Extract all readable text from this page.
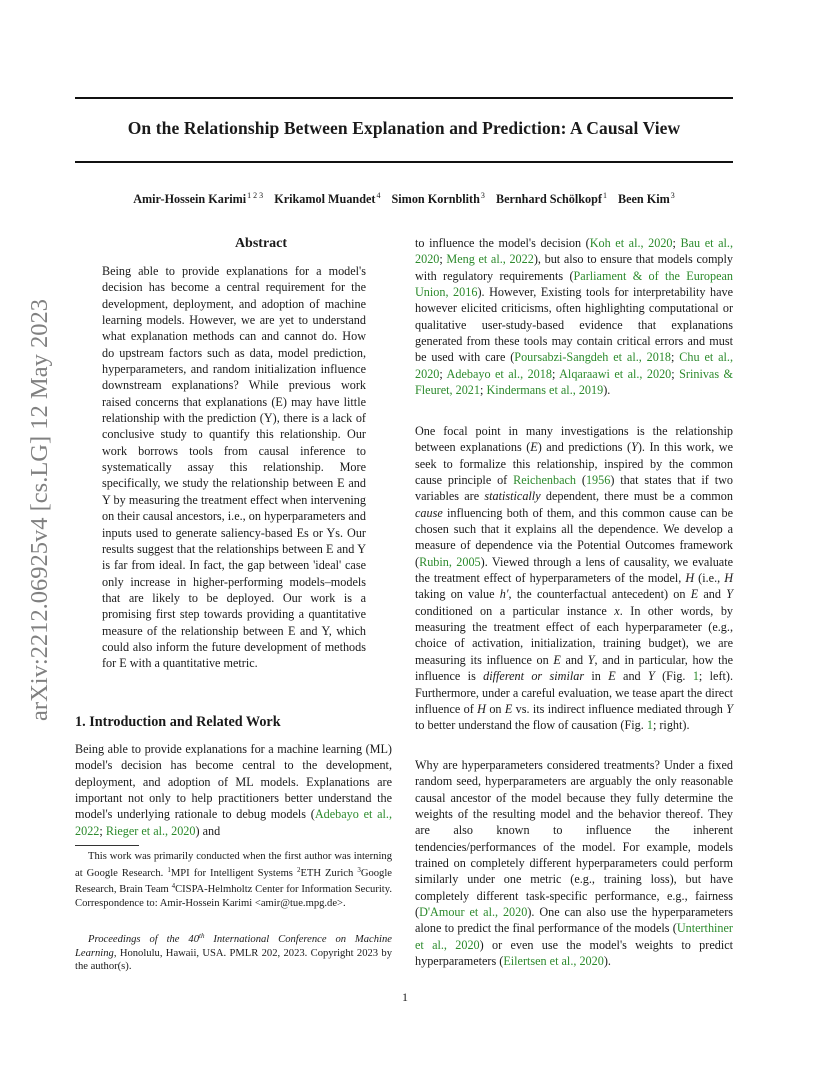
arXiv:2212.06925v4 [cs.LG] 12 May 2023
On the Relationship Between Explanation and Prediction: A Causal View
Amir-Hossein Karimi$^{1 2 3}$ Krikamol Muandet$^4$ Simon Kornblith$^3$ Bernhard Schölkopf$^1$ Been Kim$^3$
Abstract

Being able to provide explanations for a model's decision has become a central requirement for the development, deployment, and adoption of machine learning models. However, we are yet to understand what explanation methods can and cannot do. How do upstream factors such as data, model prediction, hyperparameters, and random initialization influence downstream explanations? While previous work raised concerns that explanations (E) may have little relationship with the prediction (Y), there is a lack of conclusive study to quantify this relationship. Our work borrows tools from causal inference to systematically assay this relationship. More specifically, we study the relationship between E and Y by measuring the treatment effect when intervening on their causal ancestors, i.e., on hyperparameters and inputs used to generate saliency-based Es or Ys. Our results suggest that the relationships between E and Y is far from ideal. In fact, the gap between 'ideal' case only increase in higher-performing models–models that are likely to be deployed. Our work is a promising first step towards providing a quantitative measure of the relationship between E and Y, which could also inform the future development of methods for E with a quantitative metric.

1. Introduction and Related Work

Being able to provide explanations for a machine learning (ML) model's decision has become central to the development, deployment, and adoption of ML models. Explanations are important not only to help practitioners better understand the model's underlying rationale to debug models (Adebayo et al., 2022; Rieger et al., 2020) and

This work was primarily conducted when the first author was interning at Google Research. $^1$MPI for Intelligent Systems $^2$ETH Zurich $^3$Google Research, Brain Team $^4$CISPA-Helmholtz Center for Information Security. Correspondence to: Amir-Hossein Karimi <amir@tue.mpg.de>.
Proceedings of the 40th International Conference on Machine Learning, Honolulu, Hawaii, USA. PMLR 202, 2023. Copyright 2023 by the author(s).

to influence the model's decision (Koh et al., 2020; Bau et al., 2020; Meng et al., 2022), but also to ensure that models comply with regulatory requirements (Parliament & of the European Union, 2016). However, Existing tools for interpretability have however elicited criticisms, often highlighting computational or qualitative user-study-based evidence that explanations generated from these tools may contain critical errors and must be used with care (Poursabzi-Sangdeh et al., 2018; Chu et al., 2020; Adebayo et al., 2018; Alqaraawi et al., 2020; Srinivas & Fleuret, 2021; Kindermans et al., 2019).

One focal point in many investigations is the relationship between explanations (E) and predictions (Y). In this work, we seek to formalize this relationship, inspired by the common cause principle of Reichenbach (1956) that states that if two variables are statistically dependent, there must be a common cause influencing both of them, and this common cause can be chosen such that it explains all the dependence. We develop a measure of dependence via the Potential Outcomes framework (Rubin, 2005). Viewed through a lens of causality, we evaluate the treatment effect of hyperparameters of the model, H (i.e., H taking on value h′, the counterfactual antecedent) on E and Y conditioned on a particular instance x. In other words, by measuring the treatment effect of each hyperparameter (e.g., choice of activation, initialization, training budget), we are measuring its influence on E and Y, and in particular, how the influence is different or similar in E and Y (Fig. 1; left). Furthermore, under a careful evaluation, we tease apart the direct influence of H on E vs. its indirect influence mediated through Y to better understand the flow of causation (Fig. 1; right).

Why are hyperparameters considered treatments? Under a fixed random seed, hyperparameters are arguably the only reasonable causal ancestor of the model because they fully determine the weights of the resulting model and the behavior thereof. They are also known to influence the inherent tendencies/performances of the model. For example, models trained on completely different hyperparameters could perform similarly under one metric (e.g., training loss), but have completely different task-specific performance, e.g., fairness (D'Amour et al., 2020). One can also use the hyperparameters alone to predict the final performance of the models (Unterthiner et al., 2020) or even use the model's weights to predict hyperparameters (Eilertsen et al., 2020).

1
